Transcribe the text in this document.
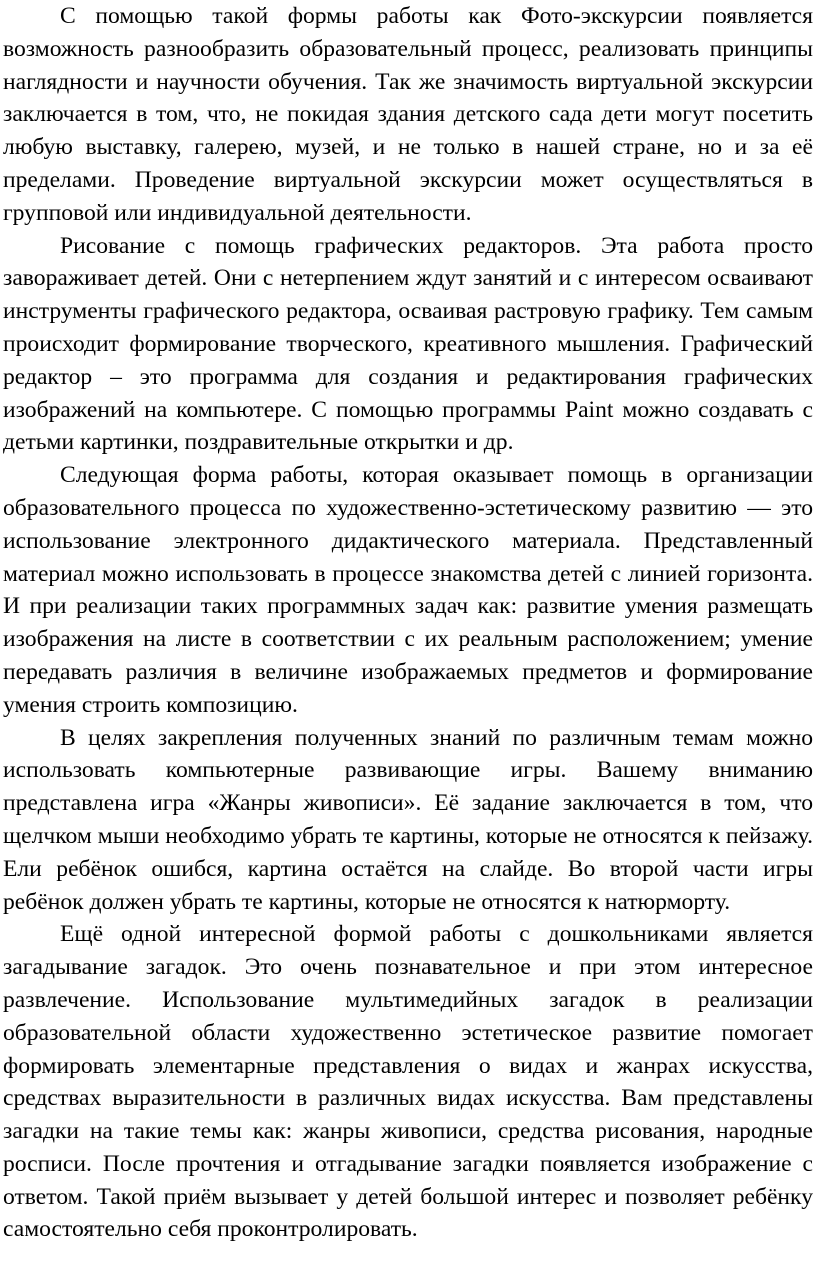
С помощью такой формы работы как Фото-экскурсии появляется возможность разнообразить образовательный процесс, реализовать принципы наглядности и научности обучения. Так же значимость виртуальной экскурсии заключается в том, что, не покидая здания детского сада дети могут посетить любую выставку, галерею, музей, и не только в нашей стране, но и за её пределами. Проведение виртуальной экскурсии может осуществляться в групповой или индивидуальной деятельности.

Рисование с помощь графических редакторов. Эта работа просто завораживает детей. Они с нетерпением ждут занятий и с интересом осваивают инструменты графического редактора, осваивая растровую графику. Тем самым происходит формирование творческого, креативного мышления. Графический редактор – это программа для создания и редактирования графических изображений на компьютере. С помощью программы Paint можно создавать с детьми картинки, поздравительные открытки и др.

Следующая форма работы, которая оказывает помощь в организации образовательного процесса по художественно-эстетическому развитию — это использование электронного дидактического материала. Представленный материал можно использовать в процессе знакомства детей с линией горизонта. И при реализации таких программных задач как: развитие умения размещать изображения на листе в соответствии с их реальным расположением; умение передавать различия в величине изображаемых предметов и формирование умения строить композицию.

В целях закрепления полученных знаний по различным темам можно использовать компьютерные развивающие игры. Вашему вниманию представлена игра «Жанры живописи». Её задание заключается в том, что щелчком мыши необходимо убрать те картины, которые не относятся к пейзажу. Ели ребёнок ошибся, картина остаётся на слайде. Во второй части игры ребёнок должен убрать те картины, которые не относятся к натюрморту.

Ещё одной интересной формой работы с дошкольниками является загадывание загадок. Это очень познавательное и при этом интересное развлечение. Использование мультимедийных загадок в реализации образовательной области художественно эстетическое развитие помогает формировать элементарные представления о видах и жанрах искусства, средствах выразительности в различных видах искусства. Вам представлены загадки на такие темы как: жанры живописи, средства рисования, народные росписи. После прочтения и отгадывание загадки появляется изображение с ответом. Такой приём вызывает у детей большой интерес и позволяет ребёнку самостоятельно себя проконтролировать.
